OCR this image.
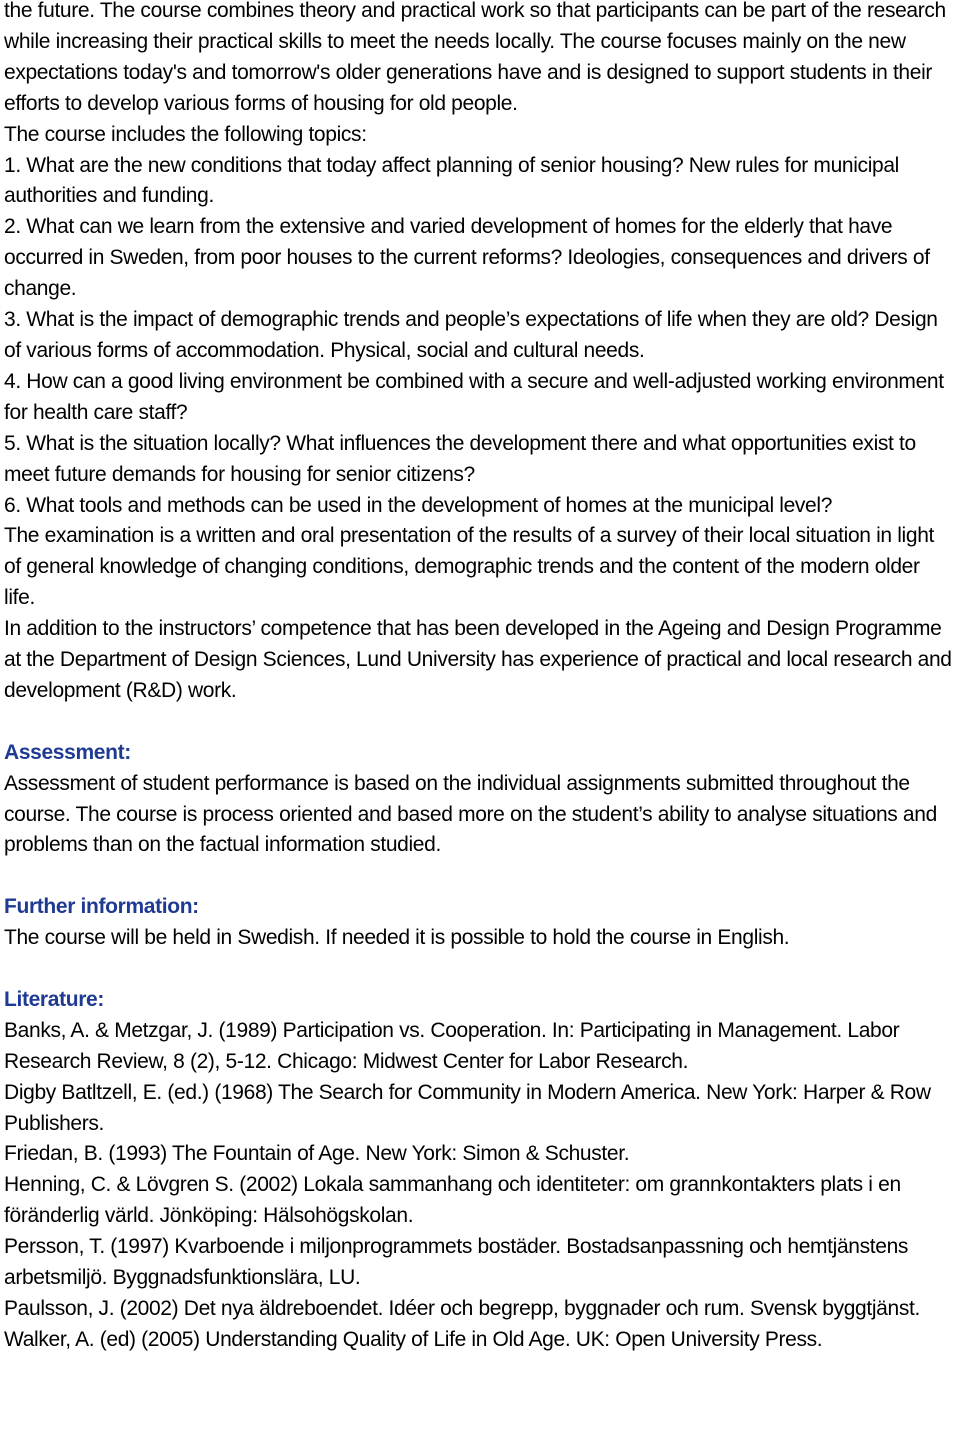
the future. The course combines theory and practical work so that participants can be part of the research while increasing their practical skills to meet the needs locally. The course focuses mainly on the new expectations today's and tomorrow's older generations have and is designed to support students in their efforts to develop various forms of housing for old people.

The course includes the following topics:

1. What are the new conditions that today affect planning of senior housing? New rules for municipal authorities and funding.

2. What can we learn from the extensive and varied development of homes for the elderly that have occurred in Sweden, from poor houses to the current reforms? Ideologies, consequences and drivers of change.

3. What is the impact of demographic trends and people’s expectations of life when they are old? Design of various forms of accommodation. Physical, social and cultural needs.

4. How can a good living environment be combined with a secure and well-adjusted working environment for health care staff?

5. What is the situation locally? What influences the development there and what opportunities exist to meet future demands for housing for senior citizens?

6. What tools and methods can be used in the development of homes at the municipal level?

The examination is a written and oral presentation of the results of a survey of their local situation in light of general knowledge of changing conditions, demographic trends and the content of the modern older life.

In addition to the instructors’ competence that has been developed in the Ageing and Design Programme at the Department of Design Sciences, Lund University has experience of practical and local research and development (R&D) work.

Assessment:

Assessment of student performance is based on the individual assignments submitted throughout the course. The course is process oriented and based more on the student’s ability to analyse situations and problems than on the factual information studied.

Further information:

The course will be held in Swedish. If needed it is possible to hold the course in English.

Literature:

Banks, A. & Metzgar, J. (1989) Participation vs. Cooperation. In: Participating in Management. Labor Research Review, 8 (2), 5-12. Chicago: Midwest Center for Labor Research.

Digby Batltzell, E. (ed.) (1968) The Search for Community in Modern America. New York: Harper & Row Publishers.

Friedan, B. (1993) The Fountain of Age. New York: Simon & Schuster.

Henning, C. & Lövgren S. (2002) Lokala sammanhang och identiteter: om grannkontakters plats i en föränderlig värld. Jönköping: Hälsohögskolan.

Persson, T. (1997) Kvarboende i miljonprogrammets bostäder. Bostadsanpassning och hemtjänstens arbetsmiljö. Byggnadsfunktionslära, LU.

Paulsson, J. (2002) Det nya äldreboendet. Idéer och begrepp, byggnader och rum. Svensk byggtjänst.

Walker, A. (ed) (2005) Understanding Quality of Life in Old Age. UK: Open University Press.
